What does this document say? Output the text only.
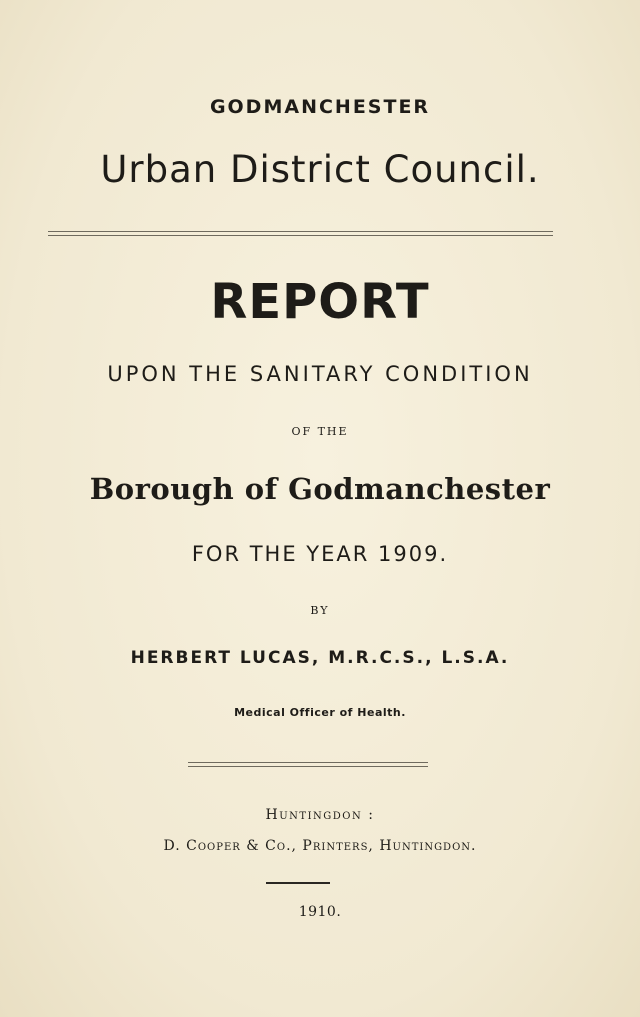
GODMANCHESTER
Urban District Council.
REPORT
UPON THE SANITARY CONDITION
OF THE
Borough of Godmanchester
FOR THE YEAR 1909.
BY
HERBERT LUCAS, M.R.C.S., L.S.A.
Medical Officer of Health.
Huntingdon :
D. Cooper & Co., Printers, Huntingdon.
1910.
